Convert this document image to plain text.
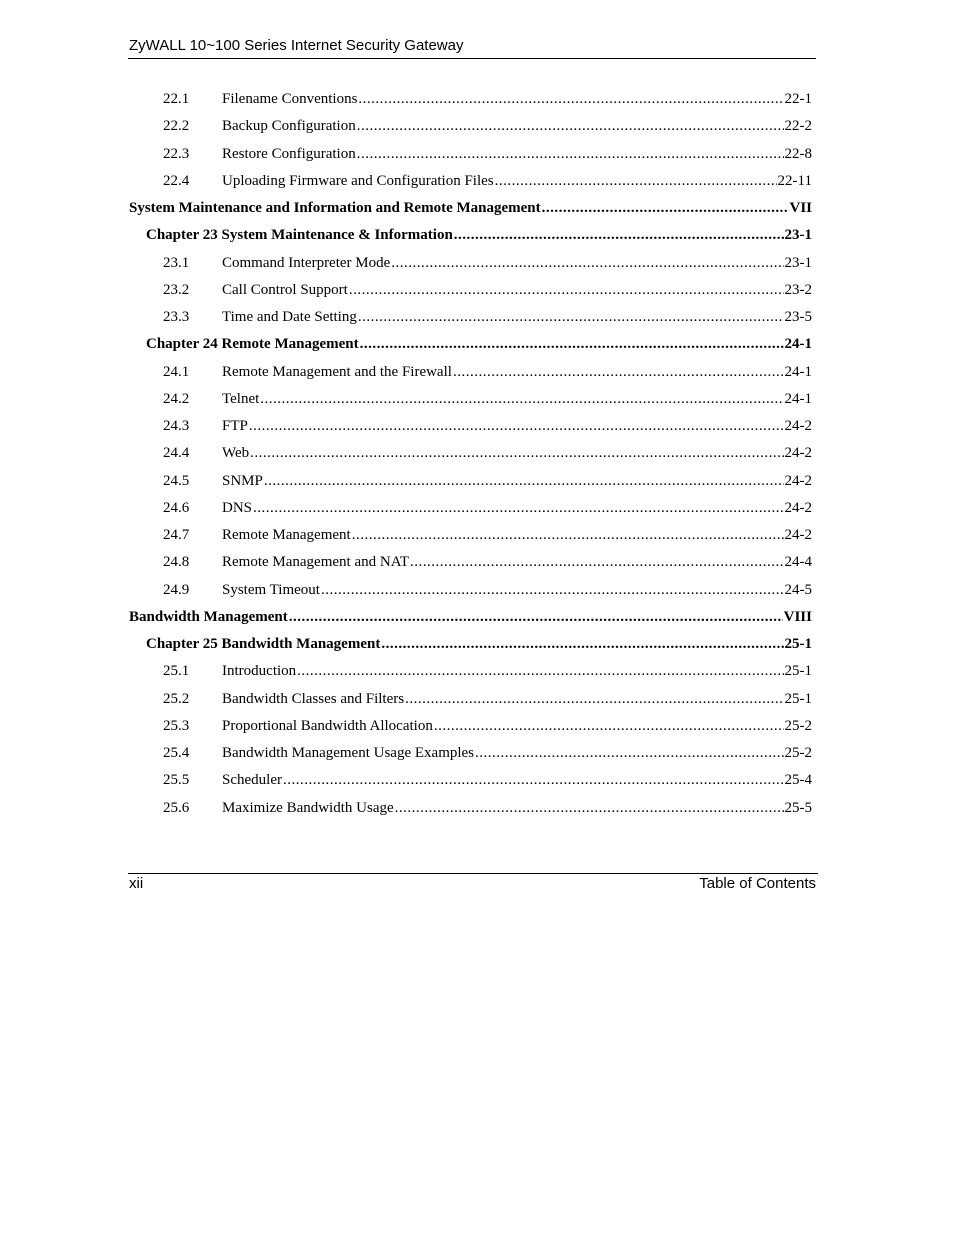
ZyWALL 10~100 Series Internet Security Gateway
22.1	Filename Conventions .....	22-1
22.2	Backup Configuration .....	22-2
22.3	Restore Configuration .....	22-8
22.4	Uploading Firmware and Configuration Files .....	22-11
System Maintenance and Information and Remote Management .....	VII
Chapter 23 System Maintenance & Information .....	23-1
23.1	Command Interpreter Mode .....	23-1
23.2	Call Control Support .....	23-2
23.3	Time and Date Setting .....	23-5
Chapter 24 Remote Management .....	24-1
24.1	Remote Management and the Firewall .....	24-1
24.2	Telnet .....	24-1
24.3	FTP .....	24-2
24.4	Web .....	24-2
24.5	SNMP .....	24-2
24.6	DNS .....	24-2
24.7	Remote Management .....	24-2
24.8	Remote Management and NAT .....	24-4
24.9	System Timeout .....	24-5
Bandwidth Management .....	VIII
Chapter 25 Bandwidth Management .....	25-1
25.1	Introduction .....	25-1
25.2	Bandwidth Classes and Filters .....	25-1
25.3	Proportional Bandwidth Allocation .....	25-2
25.4	Bandwidth Management Usage Examples .....	25-2
25.5	Scheduler .....	25-4
25.6	Maximize Bandwidth Usage .....	25-5
xii	Table of Contents
